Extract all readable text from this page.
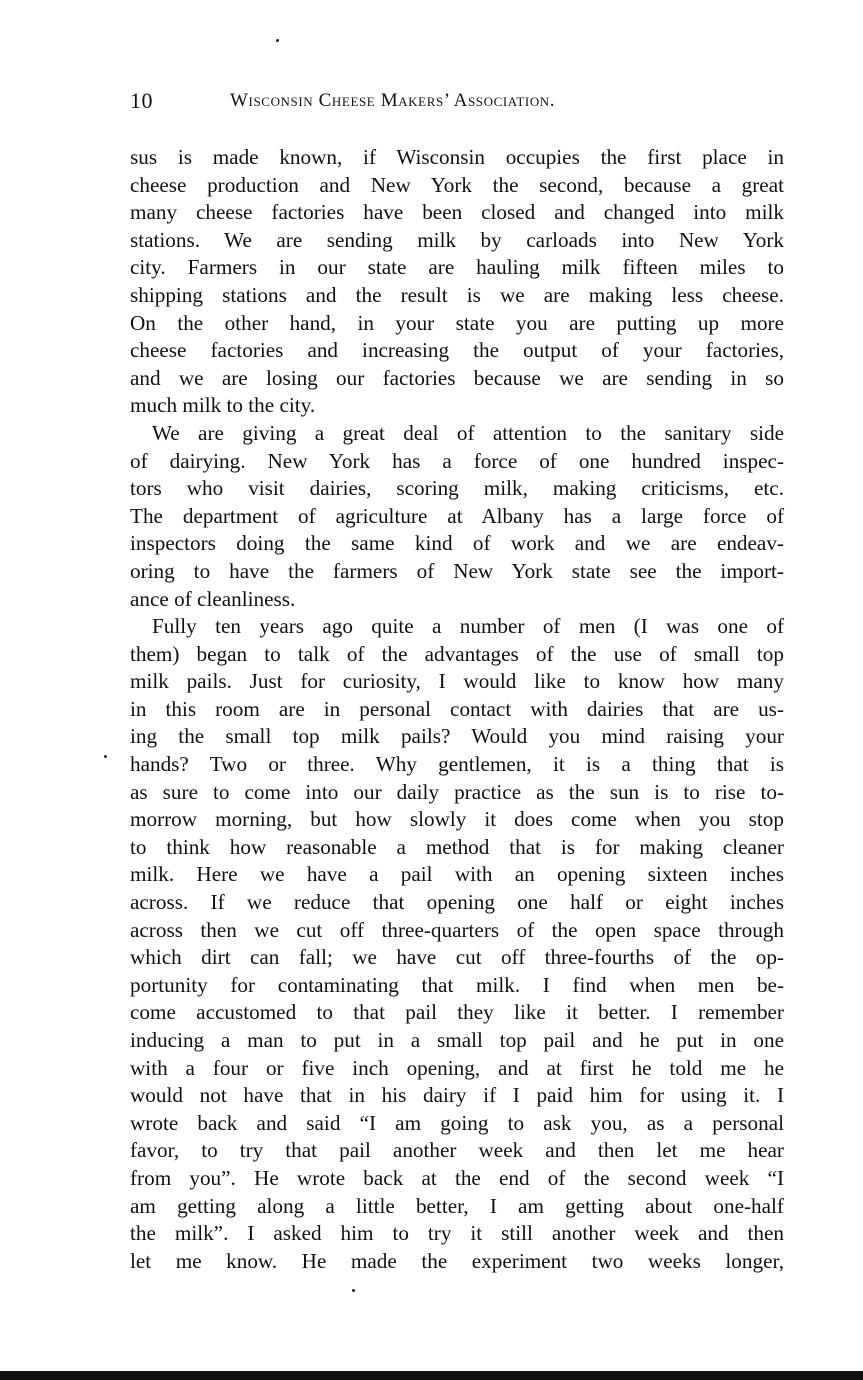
10	Wisconsin Cheese Makers’ Association.
sus is made known, if Wisconsin occupies the first place in
cheese production and New York the second, because a great
many cheese factories have been closed and changed into milk
stations. We are sending milk by carloads into New York
city. Farmers in our state are hauling milk fifteen miles to
shipping stations and the result is we are making less cheese.
On the other hand, in your state you are putting up more
cheese factories and increasing the output of your factories,
and we are losing our factories because we are sending in so
much milk to the city.
We are giving a great deal of attention to the sanitary side
of dairying. New York has a force of one hundred inspec-
tors who visit dairies, scoring milk, making criticisms, etc.
The department of agriculture at Albany has a large force of
inspectors doing the same kind of work and we are endeav-
oring to have the farmers of New York state see the import-
ance of cleanliness.
Fully ten years ago quite a number of men (I was one of
them) began to talk of the advantages of the use of small top
milk pails. Just for curiosity, I would like to know how many
in this room are in personal contact with dairies that are us-
ing the small top milk pails? Would you mind raising your
hands? Two or three. Why gentlemen, it is a thing that is
as sure to come into our daily practice as the sun is to rise to-
morrow morning, but how slowly it does come when you stop
to think how reasonable a method that is for making cleaner
milk. Here we have a pail with an opening sixteen inches
across. If we reduce that opening one half or eight inches
across then we cut off three-quarters of the open space through
which dirt can fall; we have cut off three-fourths of the op-
portunity for contaminating that milk. I find when men be-
come accustomed to that pail they like it better. I remember
inducing a man to put in a small top pail and he put in one
with a four or five inch opening, and at first he told me he
would not have that in his dairy if I paid him for using it. I
wrote back and said “I am going to ask you, as a personal
favor, to try that pail another week and then let me hear
from you”. He wrote back at the end of the second week “I
am getting along a little better, I am getting about one-half
the milk”. I asked him to try it still another week and then
let me know. He made the experiment two weeks longer,
